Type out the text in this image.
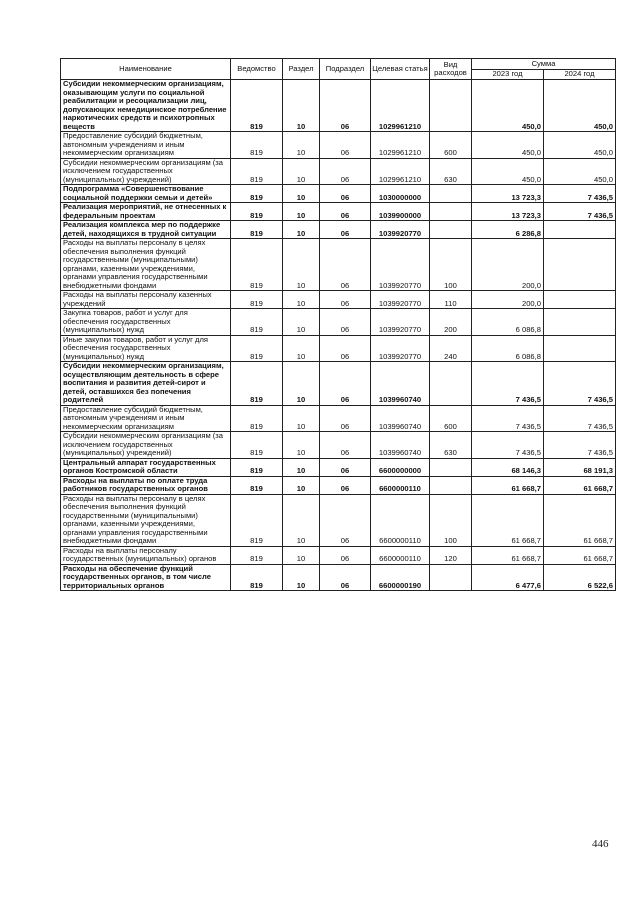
Наименование	Ведомство	Раздел	Подраздел	Целевая статья	Вид расходов	Сумма	
						2023 год	2024 год
Субсидии некоммерческим организациям, оказывающим услуги по социальной реабилитации и ресоциализации лиц, допускающих немедицинское потребление наркотических средств и психотропных веществ	819	10	06	1029961210		450,0	450,0
Предоставление субсидий бюджетным, автономным учреждениям и иным некоммерческим организациям	819	10	06	1029961210	600	450,0	450,0
Субсидии некоммерческим организациям (за исключением государственных (муниципальных) учреждений)	819	10	06	1029961210	630	450,0	450,0
Подпрограмма «Совершенствование социальной поддержки семьи и детей»	819	10	06	1030000000		13 723,3	7 436,5
Реализация мероприятий, не отнесенных к федеральным проектам	819	10	06	1039900000		13 723,3	7 436,5
Реализация комплекса мер по поддержке детей, находящихся в трудной ситуации	819	10	06	1039920770		6 286,8	
Расходы на выплаты персоналу в целях обеспечения выполнения функций государственными (муниципальными) органами, казенными учреждениями, органами управления государственными внебюджетными фондами	819	10	06	1039920770	100	200,0	
Расходы на выплаты персоналу казенных учреждений	819	10	06	1039920770	110	200,0	
Закупка товаров, работ и услуг для обеспечения государственных (муниципальных) нужд	819	10	06	1039920770	200	6 086,8	
Иные закупки товаров, работ и услуг для обеспечения государственных (муниципальных) нужд	819	10	06	1039920770	240	6 086,8	
Субсидии некоммерческим организациям, осуществляющим деятельность в сфере воспитания и развития детей-сирот и детей, оставшихся без попечения родителей	819	10	06	1039960740		7 436,5	7 436,5
Предоставление субсидий бюджетным, автономным учреждениям и иным некоммерческим организациям	819	10	06	1039960740	600	7 436,5	7 436,5
Субсидии некоммерческим организациям (за исключением государственных (муниципальных) учреждений)	819	10	06	1039960740	630	7 436,5	7 436,5
Центральный аппарат государственных органов Костромской области	819	10	06	6600000000		68 146,3	68 191,3
Расходы на выплаты по оплате труда работников государственных органов	819	10	06	6600000110		61 668,7	61 668,7
Расходы на выплаты персоналу в целях обеспечения выполнения функций государственными (муниципальными) органами, казенными учреждениями, органами управления государственными внебюджетными фондами	819	10	06	6600000110	100	61 668,7	61 668,7
Расходы на выплаты персоналу государственных (муниципальных) органов	819	10	06	6600000110	120	61 668,7	61 668,7
Расходы на обеспечение функций государственных органов, в том числе территориальных органов	819	10	06	6600000190		6 477,6	6 522,6
446
